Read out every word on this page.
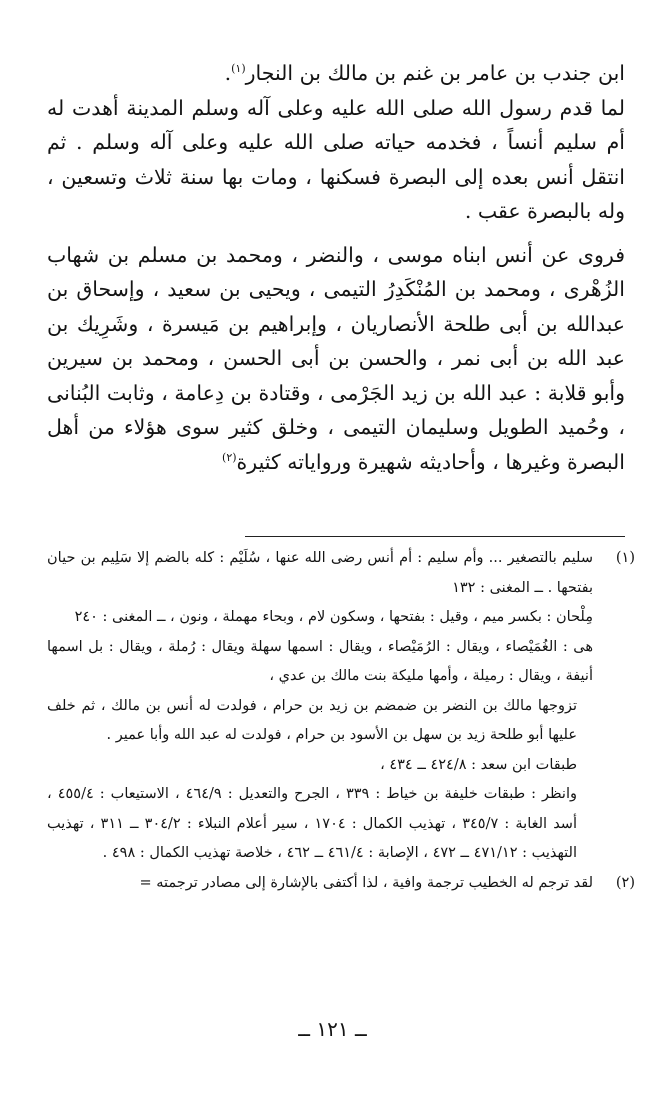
ابن جندب بن عامر بن غنم بن مالك بن النجار$^{(١)}$.

لما قدم رسول الله صلى الله عليه وعلى آله وسلم المدينة أهدت له أم سليم أنساً ، فخدمه حياته صلى الله عليه وعلى آله وسلم . ثم انتقل أنس بعده إلى البصرة فسكنها ، ومات بها سنة ثلاث وتسعين ، وله بالبصرة عقب .

فروى عن أنس ابناه موسى ، والنضر ، ومحمد بن مسلم بن شهاب الزُهْرى ، ومحمد بن المُنْكَدِرُ التيمى ، ويحيى بن سعيد ، وإسحاق بن عبدالله بن أبى طلحة الأنصاريان ، وإبراهيم بن مَيسرة ، وشَرِيك بن عبد الله بن أبى نمر ، والحسن بن أبى الحسن ، ومحمد بن سيرين وأبو قلابة : عبد الله بن زيد الجَرْمى ، وقتادة بن دِعامة ، وثابت البُنانى ، وحُميد الطويل وسليمان التيمى ، وخلق كثير سوى هؤلاء من أهل البصرة وغيرها ، وأحاديثه شهيرة ورواياته كثيرة$^{(٢)}$

(١)

سليم بالتصغير ... وأم سليم : أم أنس رضى الله عنها ، سُلَيْم : كله بالضم إلا سَلِيم بن حيان بفتحها . ــ المغنى : ١٣٢

مِلْحان : بكسر ميم ، وقيل : بفتحها ، وسكون لام ، وبحاء مهملة ، ونون ، ــ المغنى : ٢٤٠

هى : الغُمَيْصاء ، ويقال : الرُمَيْصاء ، ويقال : اسمها سهلة ويقال : رُملة ، ويقال : بل اسمها أنيفة ، ويقال : رميلة ، وأمها مليكة بنت مالك بن عدي ،

تزوجها مالك بن النضر بن ضمضم بن زيد بن حرام ، فولدت له أنس بن مالك ، ثم خلف عليها أبو طلحة زيد بن سهل بن الأسود بن حرام ، فولدت له عبد الله وأبا عمير .

طبقات ابن سعد : ٤٢٤/٨ ــ ٤٣٤ ،

وانظر : طبقات خليفة بن خياط : ٣٣٩ ، الجرح والتعديل : ٤٦٤/٩ ، الاستيعاب : ٤٥٥/٤ ، أسد الغابة : ٣٤٥/٧ ، تهذيب الكمال : ١٧٠٤ ، سير أعلام النبلاء : ٣٠٤/٢ ــ ٣١١ ، تهذيب التهذيب : ٤٧١/١٢ ــ ٤٧٢ ، الإصابة : ٤٦١/٤ ــ ٤٦٢ ، خلاصة تهذيب الكمال : ٤٩٨ .

(٢)

لقد ترجم له الخطيب ترجمة وافية ، لذا أكتفى بالإشارة إلى مصادر ترجمته =

ــ ١٢١ ــ
